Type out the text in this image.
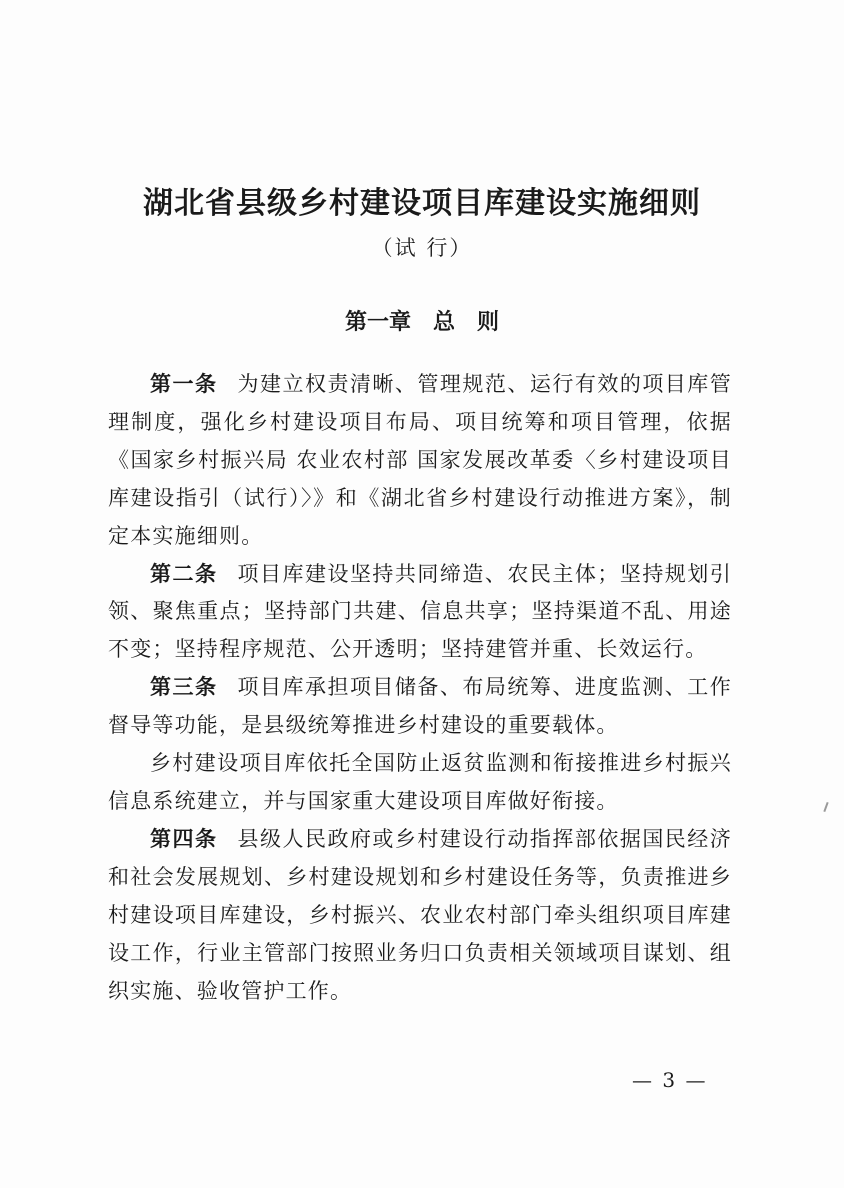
湖北省县级乡村建设项目库建设实施细则
（试 行）
第一章　总　则

第一条 为建立权责清晰、管理规范、运行有效的项目库管理制度，强化乡村建设项目布局、项目统筹和项目管理，依据《国家乡村振兴局 农业农村部 国家发展改革委〈乡村建设项目库建设指引（试行）〉》和《湖北省乡村建设行动推进方案》，制定本实施细则。

第二条 项目库建设坚持共同缔造、农民主体；坚持规划引领、聚焦重点；坚持部门共建、信息共享；坚持渠道不乱、用途不变；坚持程序规范、公开透明；坚持建管并重、长效运行。

第三条 项目库承担项目储备、布局统筹、进度监测、工作督导等功能，是县级统筹推进乡村建设的重要载体。

乡村建设项目库依托全国防止返贫监测和衔接推进乡村振兴信息系统建立，并与国家重大建设项目库做好衔接。

第四条 县级人民政府或乡村建设行动指挥部依据国民经济和社会发展规划、乡村建设规划和乡村建设任务等，负责推进乡村建设项目库建设，乡村振兴、农业农村部门牵头组织项目库建设工作，行业主管部门按照业务归口负责相关领域项目谋划、组织实施、验收管护工作。

— 3 —
